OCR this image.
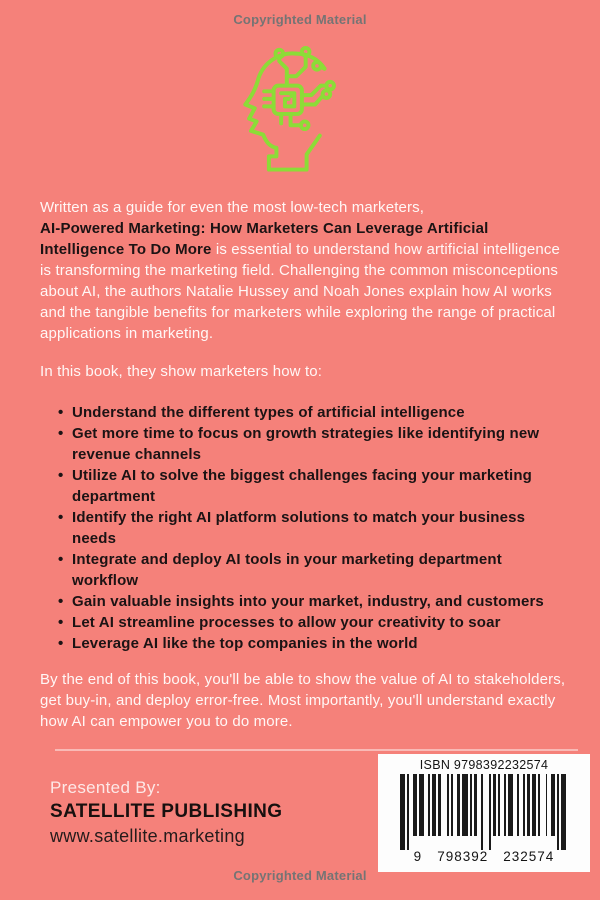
Copyrighted Material

Written as a guide for even the most low-tech marketers,
AI-Powered Marketing: How Marketers Can Leverage Artificial Intelligence To Do More is essential to understand how artificial intelligence is transforming the marketing field. Challenging the common misconceptions about AI, the authors Natalie Hussey and Noah Jones explain how AI works and the tangible benefits for marketers while exploring the range of practical applications in marketing.

In this book, they show marketers how to:

• Understand the different types of artificial intelligence
• Get more time to focus on growth strategies like identifying new revenue channels
• Utilize AI to solve the biggest challenges facing your marketing department
• Identify the right AI platform solutions to match your business needs
• Integrate and deploy AI tools in your marketing department workflow
• Gain valuable insights into your market, industry, and customers
• Let AI streamline processes to allow your creativity to soar
• Leverage AI like the top companies in the world

By the end of this book, you'll be able to show the value of AI to stakeholders, get buy-in, and deploy error-free. Most importantly, you'll understand exactly how AI can empower you to do more.

Presented By:
SATELLITE PUBLISHING
www.satellite.marketing
ISBN 9798392232574
9 798392 232574
Copyrighted Material
